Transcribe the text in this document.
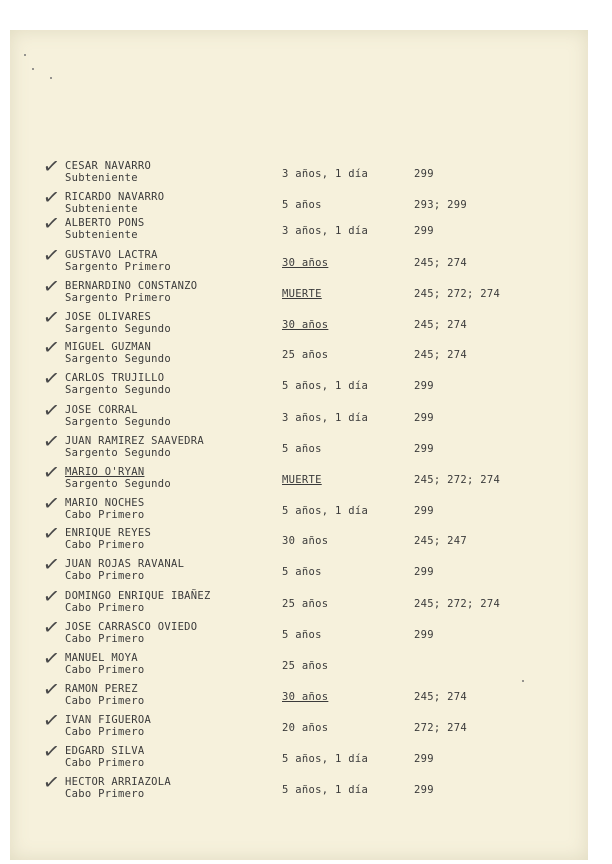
✓ CESAR NAVARRO
Subteniente	3 años, 1 día	299
✓ RICARDO NAVARRO
Subteniente	5 años	293; 299
✓ ALBERTO PONS
Subteniente	3 años, 1 día	299
✓ GUSTAVO LACTRA
Sargento Primero	30 años	245; 274
✓ BERNARDINO CONSTANZO
Sargento Primero	MUERTE	245; 272; 274
✓ JOSE OLIVARES
Sargento Segundo	30 años	245; 274
✓ MIGUEL GUZMAN
Sargento Segundo	25 años	245; 274
✓ CARLOS TRUJILLO
Sargento Segundo	5 años, 1 día	299
✓ JOSE CORRAL
Sargento Segundo	3 años, 1 día	299
✓ JUAN RAMIREZ SAAVEDRA
Sargento Segundo	5 años	299
✓ MARIO O'RYAN
Sargento Segundo	MUERTE	245; 272; 274
✓ MARIO NOCHES
Cabo Primero	5 años, 1 día	299
✓ ENRIQUE REYES
Cabo Primero	30 años	245; 247
✓ JUAN ROJAS RAVANAL
Cabo Primero	5 años	299
✓ DOMINGO ENRIQUE IBAÑEZ
Cabo Primero	25 años	245; 272; 274
✓ JOSE CARRASCO OVIEDO
Cabo Primero	5 años	299
✓ MANUEL MOYA
Cabo Primero	25 años
✓ RAMON PEREZ
Cabo Primero	30 años	245; 274
✓ IVAN FIGUEROA
Cabo Primero	20 años	272; 274
✓ EDGARD SILVA
Cabo Primero	5 años, 1 día	299
✓ HECTOR ARRIAZOLA
Cabo Primero	5 años, 1 día	299
